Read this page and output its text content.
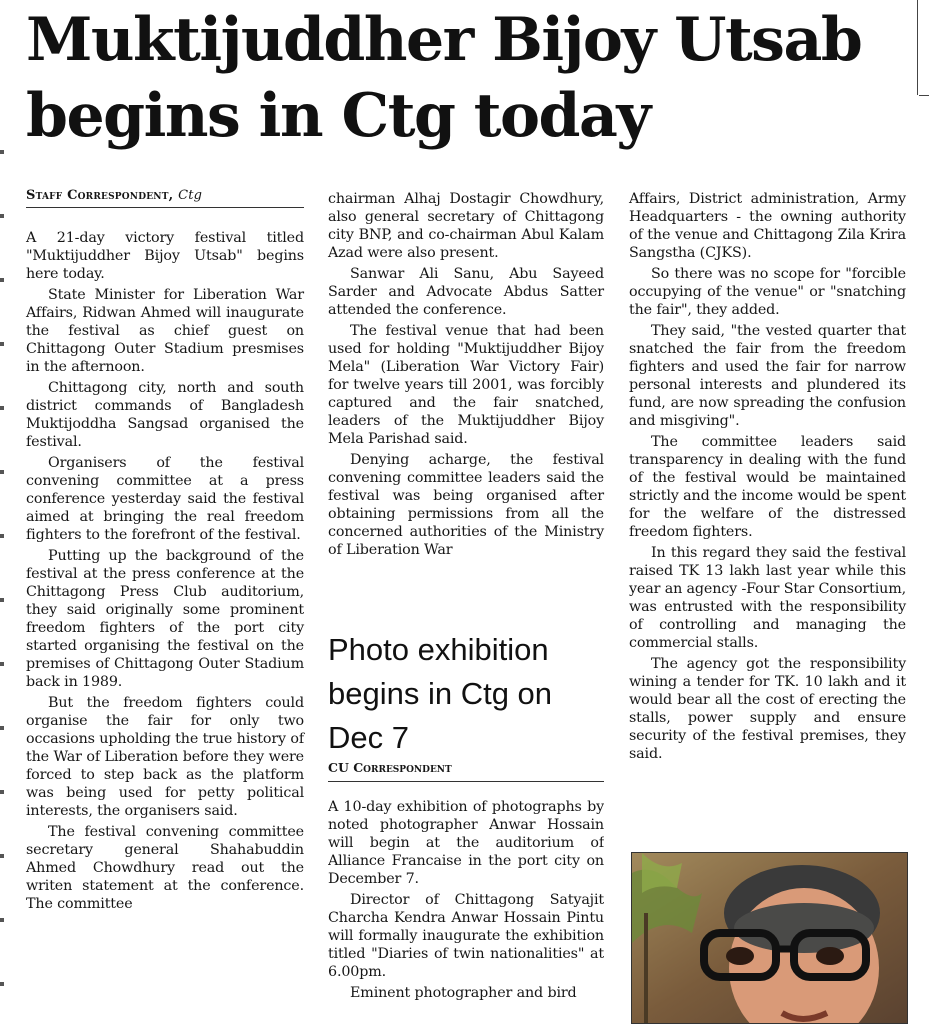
Muktijuddher Bijoy Utsab begins in Ctg today
Staff Correspondent, Ctg

A 21-day victory festival titled "Muktijuddher Bijoy Utsab" begins here today.

State Minister for Liberation War Affairs, Ridwan Ahmed will inaugurate the festival as chief guest on Chittagong Outer Stadium presmises in the afternoon.

Chittagong city, north and south district commands of Bangladesh Muktijoddha Sangsad organised the festival.

Organisers of the festival convening committee at a press conference yesterday said the festival aimed at bringing the real freedom fighters to the forefront of the festival.

Putting up the background of the festival at the press conference at the Chittagong Press Club auditorium, they said originally some prominent freedom fighters of the port city started organising the festival on the premises of Chittagong Outer Stadium back in 1989.

But the freedom fighters could organise the fair for only two occasions upholding the true history of the War of Liberation before they were forced to step back as the platform was being used for petty political interests, the organisers said.

The festival convening committee secretary general Shahabuddin Ahmed Chowdhury read out the writen statement at the conference. The committee

chairman Alhaj Dostagir Chowdhury, also general secretary of Chittagong city BNP, and co-chairman Abul Kalam Azad were also present.

Sanwar Ali Sanu, Abu Sayeed Sarder and Advocate Abdus Satter attended the conference.

The festival venue that had been used for holding "Muktijuddher Bijoy Mela" (Liberation War Victory Fair) for twelve years till 2001, was forcibly captured and the fair snatched, leaders of the Muktijuddher Bijoy Mela Parishad said.

Denying acharge, the festival convening committee leaders said the festival was being organised after obtaining permissions from all the concerned authorities of the Ministry of Liberation War

Photo exhibition begins in Ctg on Dec 7
CU Correspondent

A 10-day exhibition of photographs by noted photographer Anwar Hossain will begin at the auditorium of Alliance Francaise in the port city on December 7.

Director of Chittagong Satyajit Charcha Kendra Anwar Hossain Pintu will formally inaugurate the exhibition titled "Diaries of twin nationalities" at 6.00pm.

Eminent photographer and bird

Affairs, District administration, Army Headquarters - the owning authority of the venue and Chittagong Zila Krira Sangstha (CJKS).

So there was no scope for "forcible occupying of the venue" or "snatching the fair", they added.

They said, "the vested quarter that snatched the fair from the freedom fighters and used the fair for narrow personal interests and plundered its fund, are now spreading the confusion and misgiving".

The committee leaders said transparency in dealing with the fund of the festival would be maintained strictly and the income would be spent for the welfare of the distressed freedom fighters.

In this regard they said the festival raised TK 13 lakh last year while this year an agency -Four Star Consortium, was entrusted with the responsibility of controlling and managing the commercial stalls.

The agency got the responsibility wining a tender for TK. 10 lakh and it would bear all the cost of erecting the stalls, power supply and ensure security of the festival premises, they said.
